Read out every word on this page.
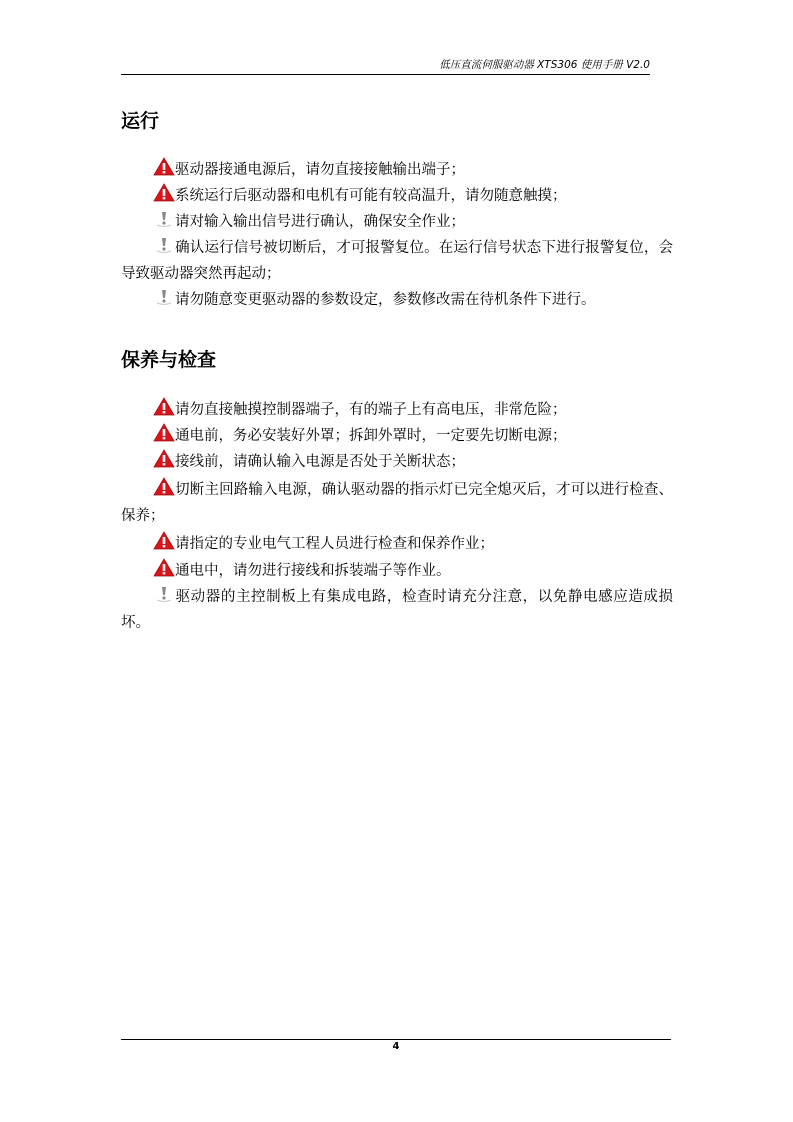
低压直流伺服驱动器 XTS306 使用手册 V2.0
运行

驱动器接通电源后，请勿直接接触输出端子；

系统运行后驱动器和电机有可能有较高温升，请勿随意触摸；

请对输入输出信号进行确认，确保安全作业；

确认运行信号被切断后，才可报警复位。在运行信号状态下进行报警复位，会导致驱动器突然再起动；

请勿随意变更驱动器的参数设定，参数修改需在待机条件下进行。

保养与检查

请勿直接触摸控制器端子，有的端子上有高电压，非常危险；

通电前，务必安装好外罩；拆卸外罩时，一定要先切断电源；

接线前，请确认输入电源是否处于关断状态；

切断主回路输入电源，确认驱动器的指示灯已完全熄灭后，才可以进行检查、保养；

请指定的专业电气工程人员进行检查和保养作业；

通电中，请勿进行接线和拆装端子等作业。

驱动器的主控制板上有集成电路，检查时请充分注意，以免静电感应造成损坏。

4
